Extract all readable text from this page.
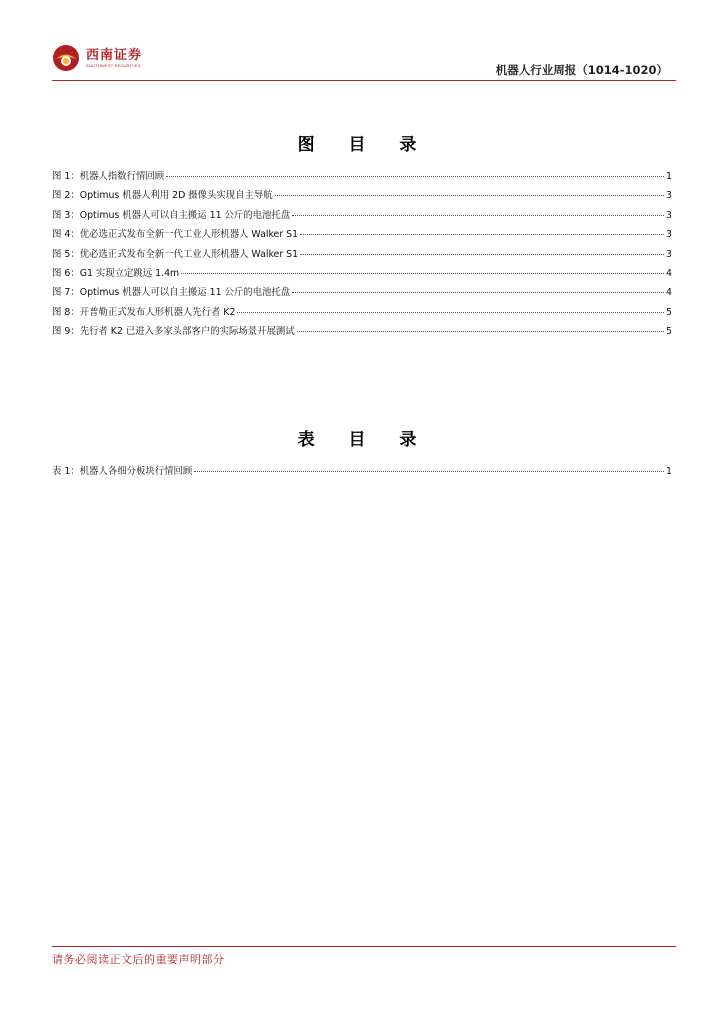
西南证券
SOUTHWEST SECURITIES	机器人行业周报（1014-1020）
图 目 录
图 1： 机器人指数行情回顾	1
图 2： Optimus 机器人利用 2D 摄像头实现自主导航	3
图 3： Optimus 机器人可以自主搬运 11 公斤的电池托盘	3
图 4： 优必选正式发布全新一代工业人形机器人 Walker S1	3
图 5： 优必选正式发布全新一代工业人形机器人 Walker S1	3
图 6： G1 实现立定跳远 1.4m	4
图 7： Optimus 机器人可以自主搬运 11 公斤的电池托盘	4
图 8： 开普勒正式发布人形机器人先行者 K2	5
图 9： 先行者 K2 已进入多家头部客户的实际场景开展测试	5
表 目 录
表 1： 机器人各细分板块行情回顾	1
请务必阅读正文后的重要声明部分
